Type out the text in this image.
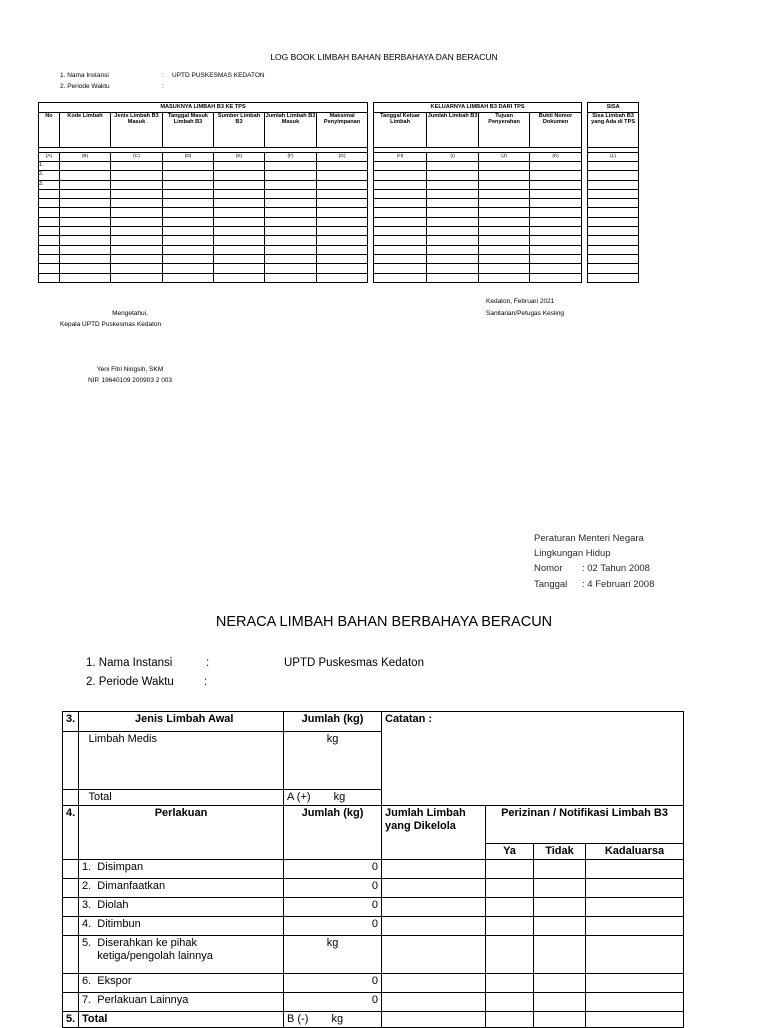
LOG BOOK LIMBAH BAHAN BERBAHAYA DAN BERACUN
1. Nama Instansi	: UPTD PUSKESMAS KEDATON
2. Periode Waktu	:
MASUKNYA LIMBAH B3 KE TPS								KELUARNYA LIMBAH B3 DARI TPS					SISA
No	Kode Limbah	Jenis Limbah B3 Masuk	Tanggal Masuk Limbah B3	Sumber Limbah B3	Jumlah Limbah B3 Masuk	Maksimal Penyimpanan		Tanggal Keluar Limbah	Jumlah Limbah B3	Tujuan Penyerahan	Bukti Nomor Dokumen		Sisa Limbah B3 yang Ada di TPS

(A)	(B)	(C)	(D)	(E)	(F)	(G)		(H)	(I)	(J)	(K)		(L)
1.													
2.													
3.													

Mengetahui,
Kepala UPTD Puskesmas Kedaton
Yeni Fitri Ningsih, SKM
NIP. 19640109 200903 2 003
Kedaton, Februari 2021
Sanitarian/Petugas Kesling
Peraturan Menteri Negara
Lingkungan Hidup
Nomor : 02 Tahun 2008
Tanggal : 4 Februari 2008
NERACA LIMBAH BAHAN BERBAHAYA BERACUN
1. Nama Instansi	:	UPTD Puskesmas Kedaton
2. Periode Waktu	:
3.		Jenis Limbah Awal	Jumlah (kg)	Catatan :			
		Limbah Medis	kg				
		Total	A (+) kg				
4.	Perlakuan		Jumlah (kg)	Jumlah Limbah yang Dikelola	Perizinan / Notifikasi Limbah B3		
					Ya	Tidak	Kadaluarsa
	1.  Disimpan		0				
	2.  Dimanfaatkan		0				
	3.  Diolah		0				
	4.  Ditimbun		0				
	5.  Diserahkan ke pihak
ketiga/pengolah lainnya		kg				
	6.  Ekspor		0				
	7.  Perlakuan Lainnya		0				
5.	Total		B (-) kg				
